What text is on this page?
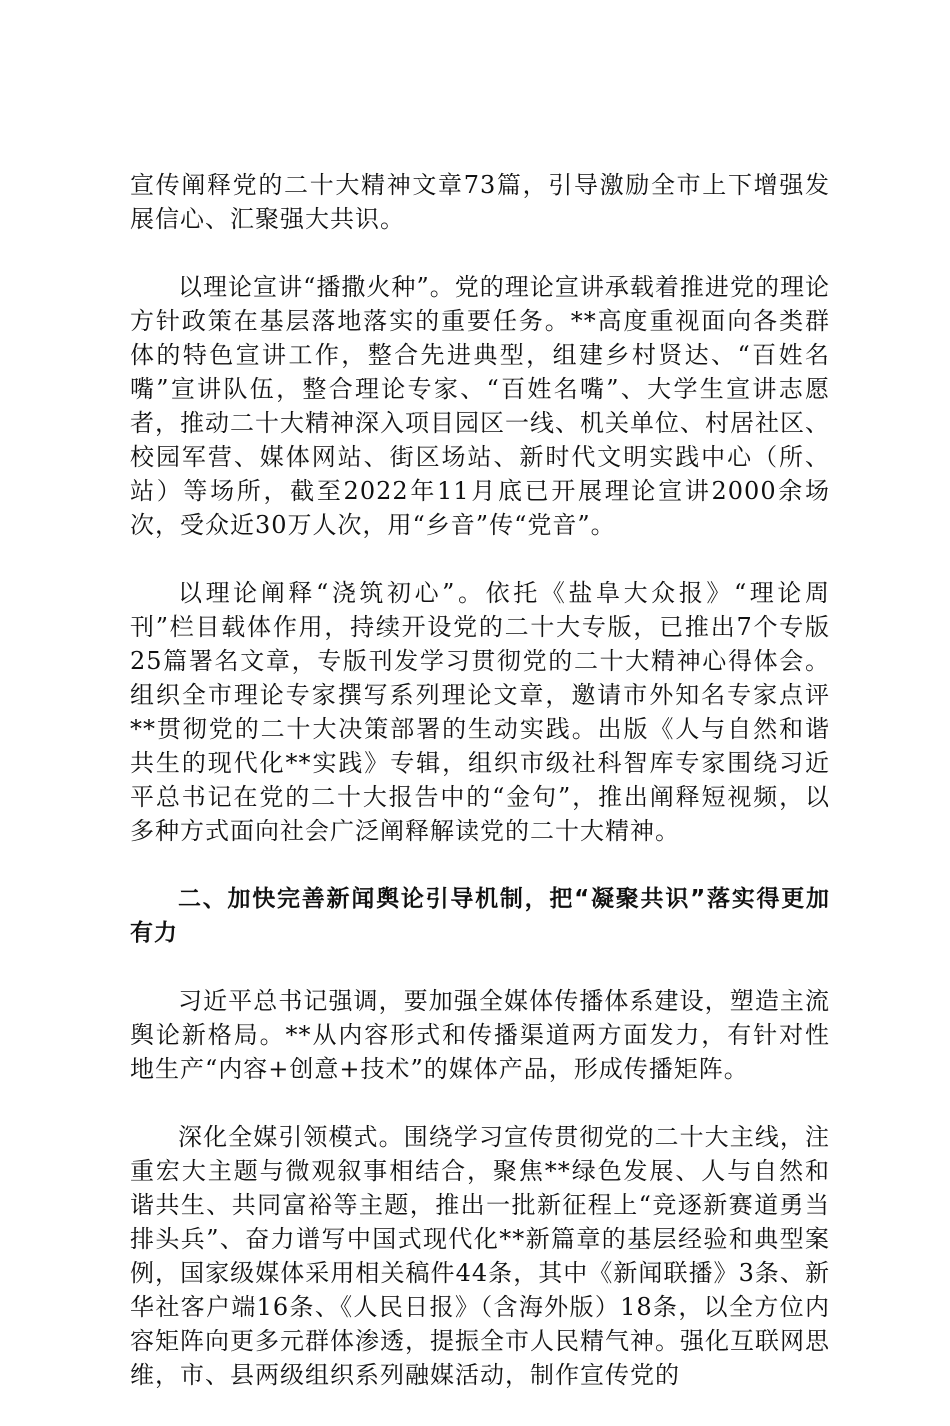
宣传阐释党的二十大精神文章73篇，引导激励全市上下增强发展信心、汇聚强大共识。

以理论宣讲“播撒火种”。党的理论宣讲承载着推进党的理论方针政策在基层落地落实的重要任务。**高度重视面向各类群体的特色宣讲工作，整合先进典型，组建乡村贤达、“百姓名嘴”宣讲队伍，整合理论专家、“百姓名嘴”、大学生宣讲志愿者，推动二十大精神深入项目园区一线、机关单位、村居社区、校园军营、媒体网站、街区场站、新时代文明实践中心（所、站）等场所，截至2022年11月底已开展理论宣讲2000余场次，受众近30万人次，用“乡音”传“党音”。

以理论阐释“浇筑初心”。依托《盐阜大众报》“理论周刊”栏目载体作用，持续开设党的二十大专版，已推出7个专版25篇署名文章，专版刊发学习贯彻党的二十大精神心得体会。组织全市理论专家撰写系列理论文章，邀请市外知名专家点评**贯彻党的二十大决策部署的生动实践。出版《人与自然和谐共生的现代化**实践》专辑，组织市级社科智库专家围绕习近平总书记在党的二十大报告中的“金句”，推出阐释短视频，以多种方式面向社会广泛阐释解读党的二十大精神。

二、加快完善新闻舆论引导机制，把“凝聚共识”落实得更加有力

习近平总书记强调，要加强全媒体传播体系建设，塑造主流舆论新格局。**从内容形式和传播渠道两方面发力，有针对性地生产“内容+创意+技术”的媒体产品，形成传播矩阵。

深化全媒引领模式。围绕学习宣传贯彻党的二十大主线，注重宏大主题与微观叙事相结合，聚焦**绿色发展、人与自然和谐共生、共同富裕等主题，推出一批新征程上“竞逐新赛道勇当排头兵”、奋力谱写中国式现代化**新篇章的基层经验和典型案例，国家级媒体采用相关稿件44条，其中《新闻联播》3条、新华社客户端16条、《人民日报》（含海外版）18条，以全方位内容矩阵向更多元群体渗透，提振全市人民精气神。强化互联网思维，市、县两级组织系列融媒活动，制作宣传党的
